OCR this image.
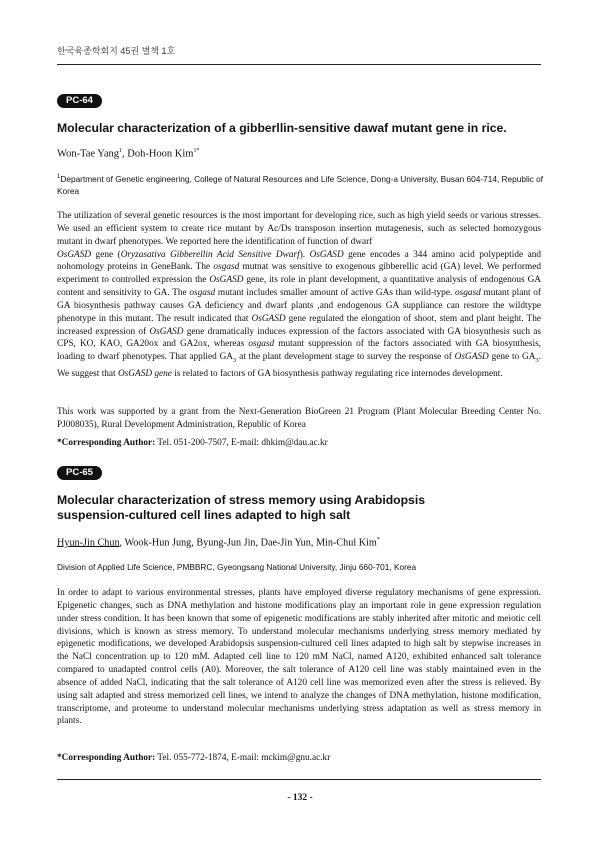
한국육종학회지 45권 별책 1호
PC-64
Molecular characterization of a gibberllin-sensitive dawaf mutant gene in rice.
Won-Tae Yang$^1$, Doh-Hoon Kim$^{1*}$
$^1$Department of Genetic engineering, College of Natural Resources and Life Science, Dong-a University, Busan 604-714, Republic of Korea

The utilization of several genetic resources is the most important for developing rice, such as high yield seeds or various stresses. We used an efficient system to create rice mutant by Ac/Ds transposon insertion mutagenesis, such as selected homozygous mutant in dwarf phenotypes. We reported here the identification of function of dwarf
OsGASD gene (Oryzasativa Gibberellin Acid Sensitive Dwarf). OsGASD gene encodes a 344 amino acid polypeptide and nohomology proteins in GeneBank. The osgasd mutnat was sensitive to exogenous gibberellic acid (GA) level. We performed experiment to controlled expression the OsGASD gene, its role in plant development, a quantitative analysis of endogenous GA content and sensitivity to GA. The osgasd mutant includes smaller amount of active GAs than wild-type. osgasd mutant plant of GA biosynthesis pathway causes GA deficiency and dwarf plants ,and endogenous GA suppliance can restore the wildtype phenotype in this mutant. The result indicated that OsGASD gene regulated the elongation of shoot, stem and plant height. The increased expression of OsGASD gene dramatically induces expression of the factors associated with GA biosynthesis such as CPS, KO, KAO, GA20ox and GA2ox, whereas osgasd mutant suppression of the factors associated with GA biosynthesis, loading to dwarf phenotypes. That applied $GA_3$ at the plant development stage to survey the response of OsGASD gene to $GA_3$. We suggest that OsGASD gene is related to factors of GA biosynthesis pathway regulating rice internodes development.

This work was supported by a grant from the Next-Generation BioGreen 21 Program (Plant Molecular Breeding Center No. PJ008035), Rural Development Administration, Republic of Korea

*Corresponding Author: Tel. 051-200-7507, E-mail: dhkim@dau.ac.kr
PC-65
Molecular characterization of stress memory using Arabidopsis
suspension-cultured cell lines adapted to high salt
Hyun-Jin Chun, Wook-Hun Jung, Byung-Jun Jin, Dae-Jin Yun, Min-Chul Kim*
Division of Applied Life Science, PMBBRC, Gyeongsang National University, Jinju 660-701, Korea

In order to adapt to various environmental stresses, plants have employed diverse regulatory mechanisms of gene expression. Epigenetic changes, such as DNA methylation and histone modifications play an important role in gene expression regulation under stress condition. It has been known that some of epigenetic modifications are stably inherited after mitotic and meiotic cell divisions, which is known as stress memory. To understand molecular mechanisms underlying stress memory mediated by epigenetic modifications, we developed Arabidopsis suspension-cultured cell lines adapted to high salt by stepwise increases in the NaCl concentration up to 120 mM. Adapted cell line to 120 mM NaCl, named A120, exhibited enhanced salt tolerance compared to unadapted control cells (A0). Moreover, the salt tolerance of A120 cell line was stably maintained even in the absence of added NaCl, indicating that the salt tolerance of A120 cell line was memorized even after the stress is relieved. By using salt adapted and stress memorized cell lines, we intend to analyze the changes of DNA methylation, histone modification, transcriptome, and proteome to understand molecular mechanisms underlying stress adaptation as well as stress memory in plants.

*Corresponding Author: Tel. 055-772-1874, E-mail: mckim@gnu.ac.kr
- 132 -
